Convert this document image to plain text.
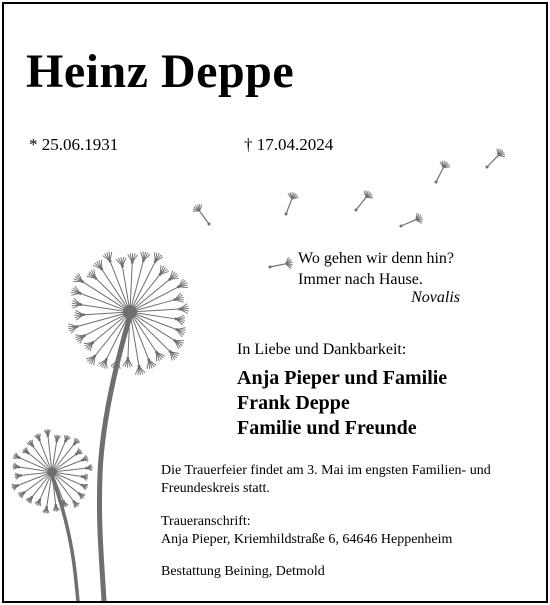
Heinz Deppe
* 25.06.1931	† 17.04.2024
Wo gehen wir denn hin?
Immer nach Hause.
Novalis
In Liebe und Dankbarkeit:
Anja Pieper und Familie
Frank Deppe
Familie und Freunde
Die Trauerfeier findet am 3. Mai im engsten Familien- und Freundeskreis statt.
Traueranschrift:
Anja Pieper, Kriemhildstraße 6, 64646 Heppenheim
Bestattung Beining, Detmold
